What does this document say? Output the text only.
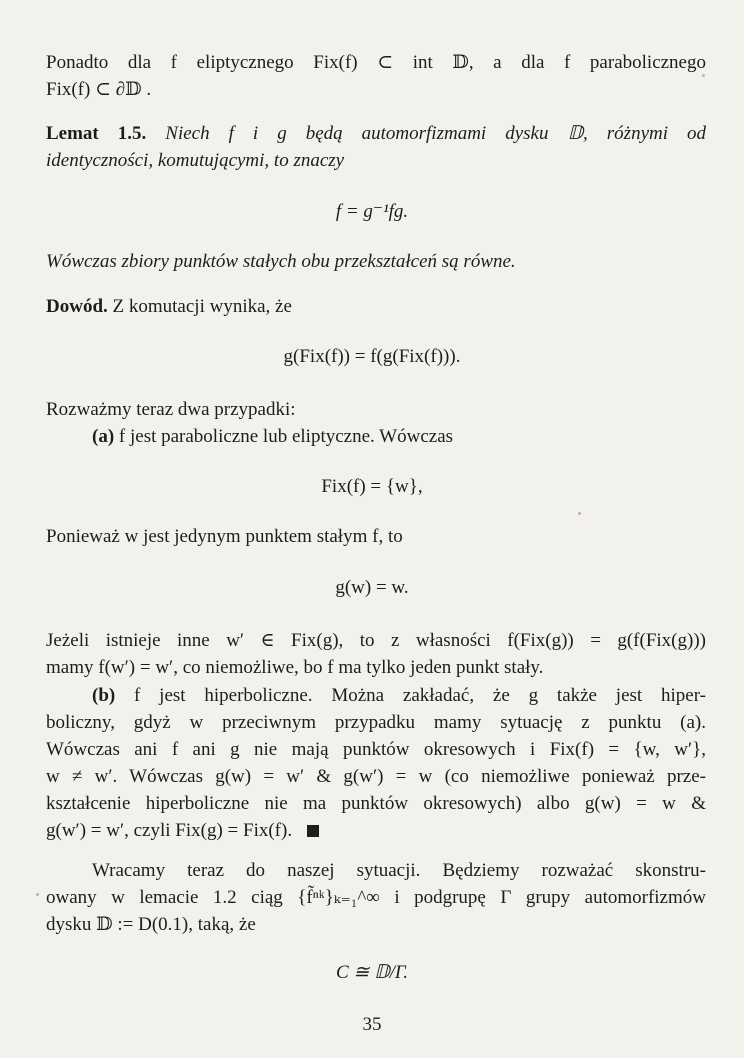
Ponadto dla f eliptycznego Fix(f) ⊂ int 𝔻, a dla f parabolicznego
Fix(f) ⊂ ∂𝔻 .
Lemat 1.5. Niech f i g będą automorfizmami dysku 𝔻, różnymi od
identyczności, komutującymi, to znaczy
f = g⁻¹fg.
Wówczas zbiory punktów stałych obu przekształceń są równe.
Dowód. Z komutacji wynika, że
g(Fix(f)) = f(g(Fix(f))).
Rozważmy teraz dwa przypadki:
(a) f jest paraboliczne lub eliptyczne. Wówczas
Fix(f) = {w},
Ponieważ w jest jedynym punktem stałym f, to
g(w) = w.
Jeżeli istnieje inne w′ ∈ Fix(g), to z własności f(Fix(g)) = g(f(Fix(g)))
mamy f(w′) = w′, co niemożliwe, bo f ma tylko jeden punkt stały.
(b) f jest hiperboliczne. Można zakładać, że g także jest hiper-
boliczny, gdyż w przeciwnym przypadku mamy sytuację z punktu (a).
Wówczas ani f ani g nie mają punktów okresowych i Fix(f) = {w, w′},
w ≠ w′. Wówczas g(w) = w′ & g(w′) = w (co niemożliwe ponieważ prze-
kształcenie hiperboliczne nie ma punktów okresowych) albo g(w) = w &
g(w′) = w′, czyli Fix(g) = Fix(f).
Wracamy teraz do naszej sytuacji. Będziemy rozważać skonstru-
owany w lemacie 1.2 ciąg {f̃ⁿᵏ}ₖ₌₁^∞ i podgrupę Γ grupy automorfizmów
dysku 𝔻 := D(0.1), taką, że
C ≅ 𝔻/Γ.
35
